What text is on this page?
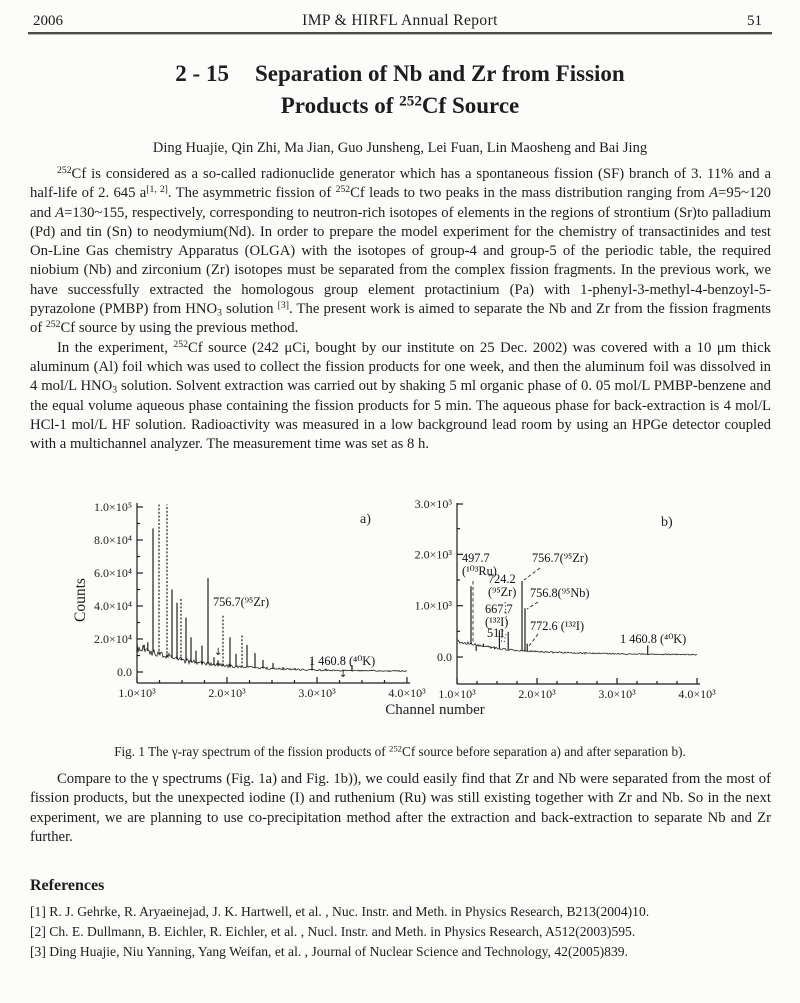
2006	IMP & HIRFL Annual Report	51
2 - 15 Separation of Nb and Zr from Fission
Products of $^{252}$Cf Source
Ding Huajie, Qin Zhi, Ma Jian, Guo Junsheng, Lei Fuan, Lin Maosheng and Bai Jing

$^{252}$Cf is considered as a so-called radionuclide generator which has a spontaneous fission (SF) branch of 3. 11% and a half-life of 2. 645 a[1, 2]. The asymmetric fission of $^{252}$Cf leads to two peaks in the mass distribution ranging from A=95~120 and A=130~155, respectively, corresponding to neutron-rich isotopes of elements in the regions of strontium (Sr)to palladium (Pd) and tin (Sn) to neodymium(Nd). In order to prepare the model experiment for the chemistry of transactinides and test On-Line Gas chemistry Apparatus (OLGA) with the isotopes of group-4 and group-5 of the periodic table, the required niobium (Nb) and zirconium (Zr) isotopes must be separated from the complex fission fragments. In the previous work, we have successfully extracted the homologous group element protactinium (Pa) with 1-phenyl-3-methyl-4-benzoyl-5-pyrazolone (PMBP) from $HNO_3$ solution [3]. The present work is aimed to separate the Nb and Zr from the fission fragments of $^{252}$Cf source by using the previous method.

In the experiment, $^{252}$Cf source (242 μCi, bought by our institute on 25 Dec. 2002) was covered with a 10 μm thick aluminum (Al) foil which was used to collect the fission products for one week, and then the aluminum foil was dissolved in 4 mol/L $HNO_3$ solution. Solvent extraction was carried out by shaking 5 ml organic phase of 0. 05 mol/L PMBP-benzene and the equal volume aqueous phase containing the fission products for 5 min. The aqueous phase for back-extraction is 4 mol/L HCl-1 mol/L HF solution. Radioactivity was measured in a low background lead room by using an HPGe detector coupled with a multichannel analyzer. The measurement time was set as 8 h.

1.0×10³	2.0×10³	3.0×10³	4.0×10³
0.0
2.0×10⁴
4.0×10⁴
6.0×10⁴
8.0×10⁴
1.0×10⁵
↓
↓
1.0×10³	2.0×10³	3.0×10³	4.0×10³
0.0
1.0×10³
2.0×10³
3.0×10³
Counts
Channel number
a)	b)
756.7(⁹⁵Zr)
1 460.8 (⁴⁰K)
497.7
(¹⁰³Ru)
724.2
(⁹⁵Zr)
667.7
(¹³²I)
511
756.7(⁹⁵Zr)
756.8(⁹⁵Nb)
772.6 (¹³²I)
1 460.8 (⁴⁰K)
Fig. 1 The γ-ray spectrum of the fission products of $^{252}$Cf source before separation a) and after separation b).

Compare to the γ spectrums (Fig. 1a) and Fig. 1b)), we could easily find that Zr and Nb were separated from the most of fission products, but the unexpected iodine (I) and ruthenium (Ru) was still existing together with Zr and Nb. So in the next experiment, we are planning to use co-precipitation method after the extraction and back-extraction to separate Nb and Zr further.

References
[1] R. J. Gehrke, R. Aryaeinejad, J. K. Hartwell, et al. , Nuc. Instr. and Meth. in Physics Research, B213(2004)10.
[2] Ch. E. Dullmann, B. Eichler, R. Eichler, et al. , Nucl. Instr. and Meth. in Physics Research, A512(2003)595.
[3] Ding Huajie, Niu Yanning, Yang Weifan, et al. , Journal of Nuclear Science and Technology, 42(2005)839.
